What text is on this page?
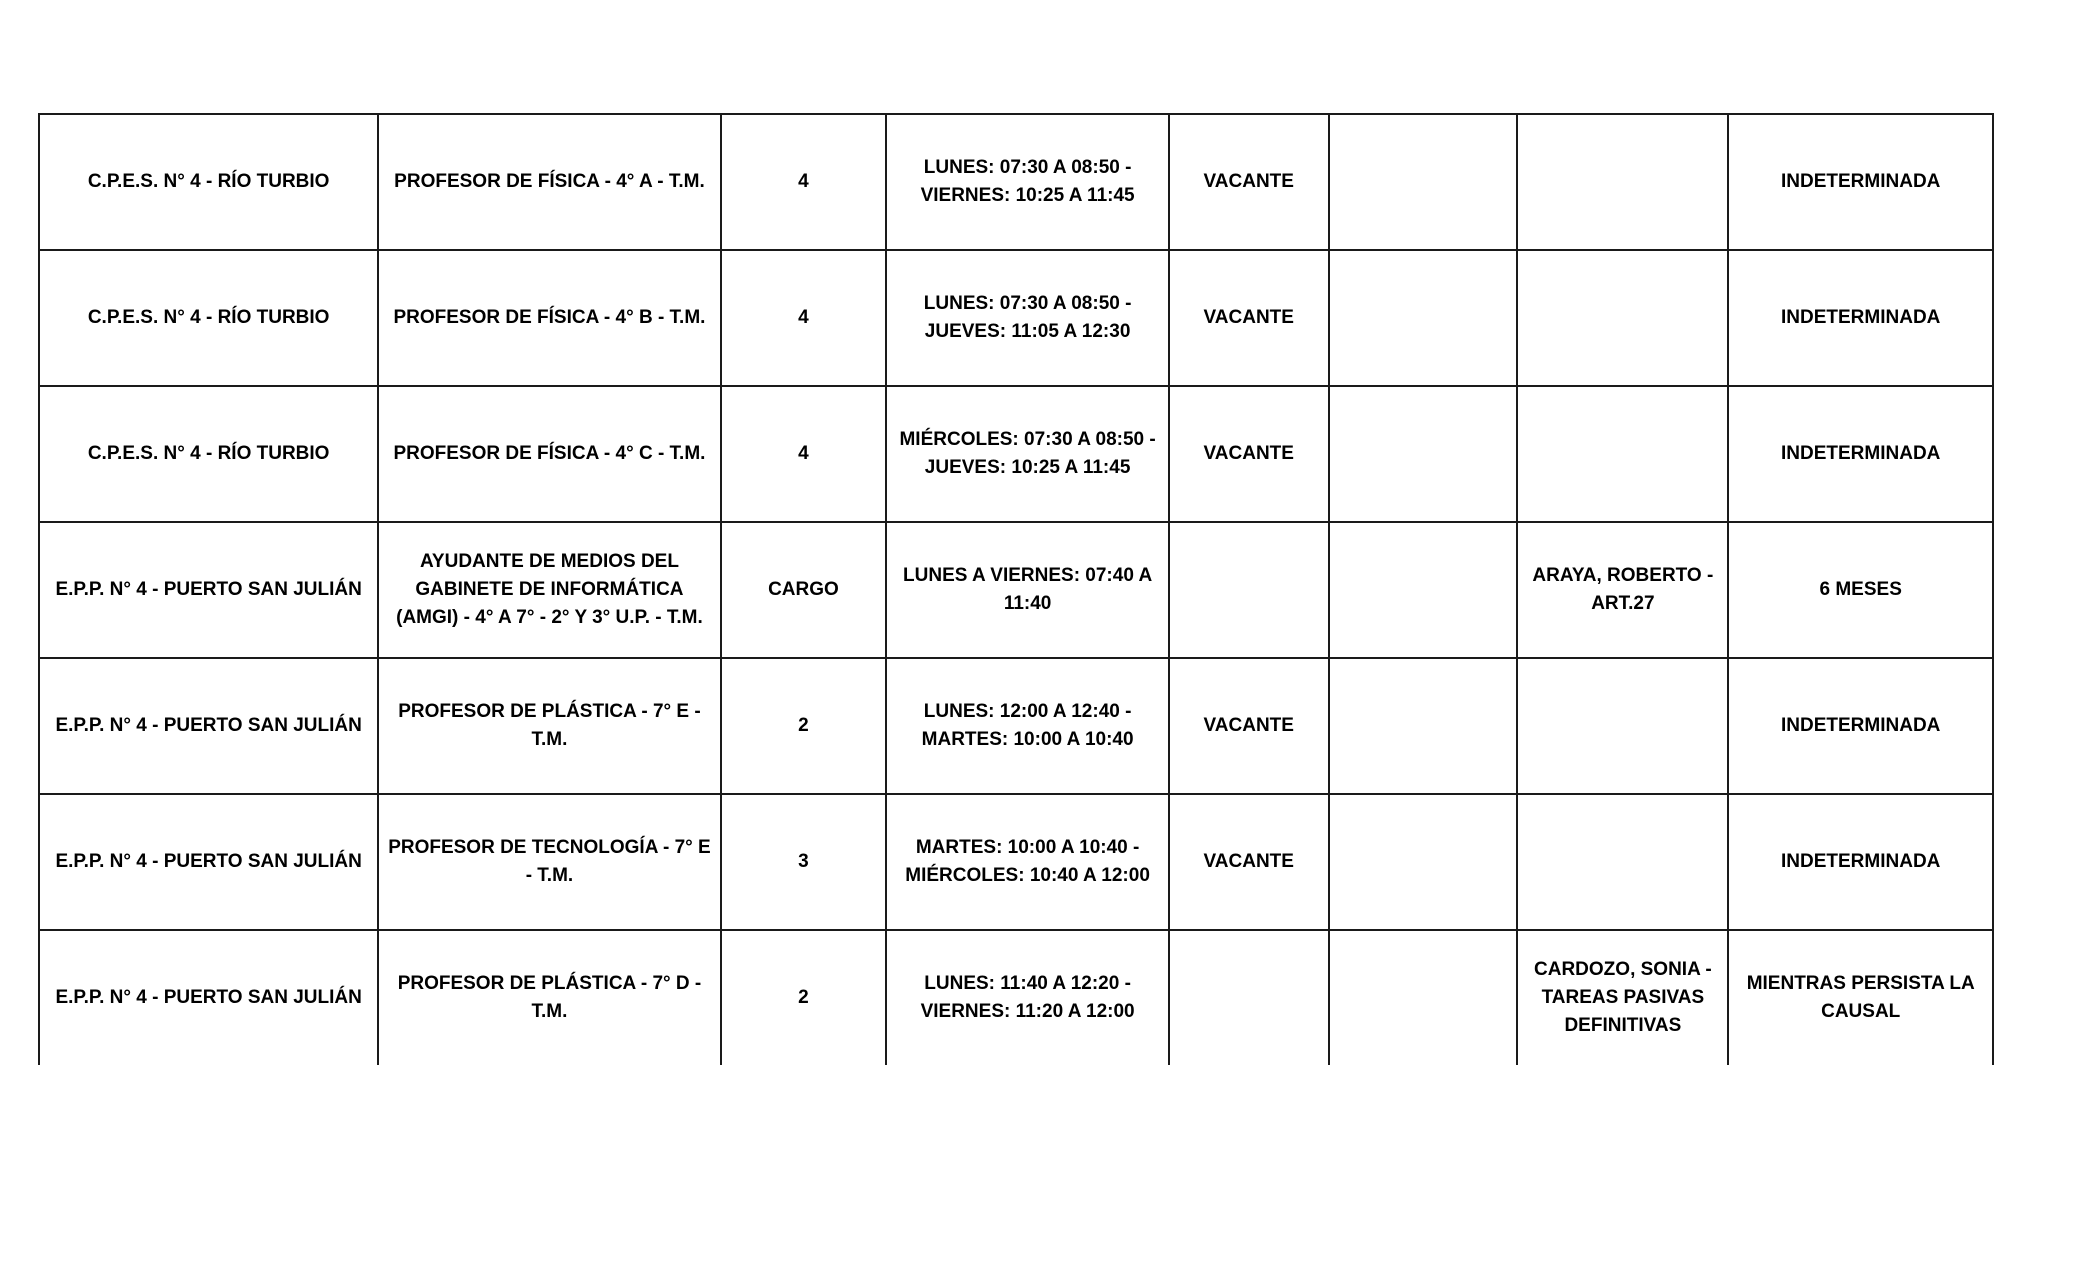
C.P.E.S. N° 4 - RÍO TURBIO	PROFESOR DE FÍSICA - 4° A - T.M.	4	LUNES: 07:30 A 08:50 - VIERNES: 10:25 A 11:45	VACANTE			INDETERMINADA
C.P.E.S. N° 4 - RÍO TURBIO	PROFESOR DE FÍSICA - 4° B - T.M.	4	LUNES: 07:30 A 08:50 - JUEVES: 11:05 A 12:30	VACANTE			INDETERMINADA
C.P.E.S. N° 4 - RÍO TURBIO	PROFESOR DE FÍSICA - 4° C - T.M.	4	MIÉRCOLES: 07:30 A 08:50 - JUEVES: 10:25 A 11:45	VACANTE			INDETERMINADA
E.P.P. N° 4 - PUERTO SAN JULIÁN	AYUDANTE DE MEDIOS DEL GABINETE DE INFORMÁTICA (AMGI) - 4° A 7° - 2° Y 3° U.P. - T.M.	CARGO	LUNES A VIERNES: 07:40 A 11:40			ARAYA, ROBERTO - ART.27	6 MESES
E.P.P. N° 4 - PUERTO SAN JULIÁN	PROFESOR DE PLÁSTICA - 7° E - T.M.	2	LUNES: 12:00 A 12:40 - MARTES: 10:00 A 10:40	VACANTE			INDETERMINADA
E.P.P. N° 4 - PUERTO SAN JULIÁN	PROFESOR DE TECNOLOGÍA - 7° E - T.M.	3	MARTES: 10:00 A 10:40 - MIÉRCOLES: 10:40 A 12:00	VACANTE			INDETERMINADA
E.P.P. N° 4 - PUERTO SAN JULIÁN	PROFESOR DE PLÁSTICA - 7° D - T.M.	2	LUNES: 11:40 A 12:20 - VIERNES: 11:20 A 12:00			CARDOZO, SONIA - TAREAS PASIVAS DEFINITIVAS	MIENTRAS PERSISTA LA CAUSAL
